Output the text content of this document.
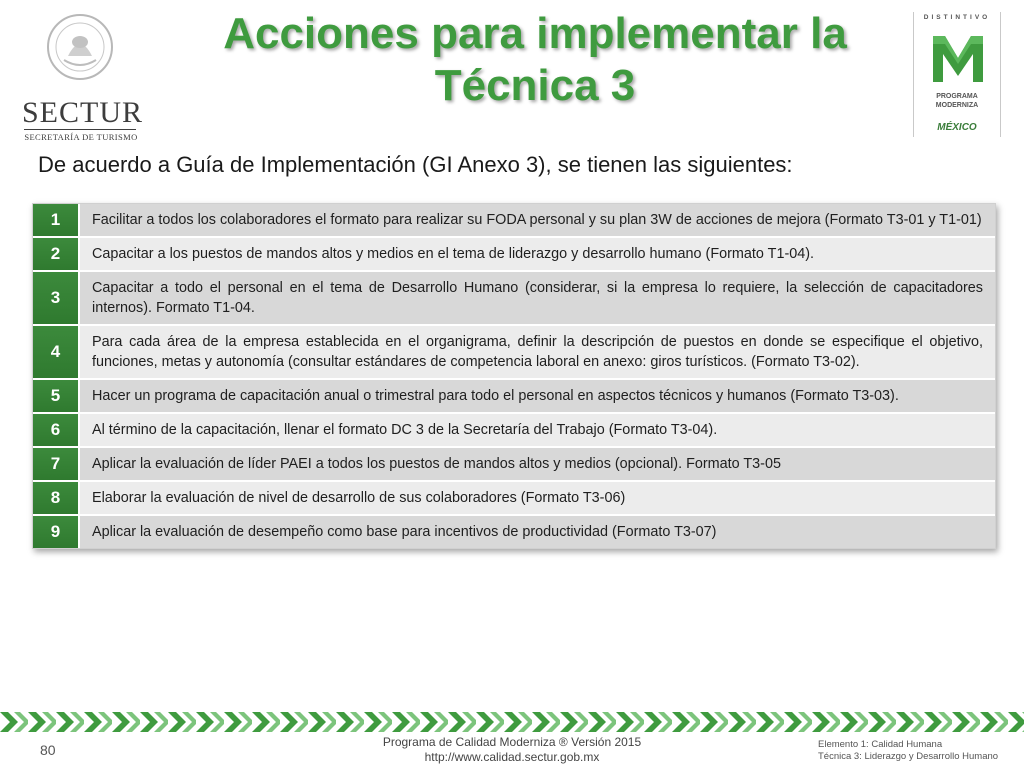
SECTUR
SECRETARÍA DE TURISMO
Acciones para implementar la
Técnica 3
DISTINTIVO
PROGRAMA
MODERNIZA
MÉXICO
De acuerdo a Guía de Implementación (GI Anexo 3), se tienen las siguientes:
1	Facilitar a todos los colaboradores el formato para realizar su FODA personal y su plan 3W de acciones de mejora (Formato T3-01 y T1-01)
2	Capacitar a los puestos de mandos altos y medios en el tema de liderazgo y desarrollo humano (Formato T1-04).
3	Capacitar a todo el personal en el tema de Desarrollo Humano (considerar, si la empresa lo requiere, la selección de capacitadores internos). Formato T1-04.
4	Para cada área de la empresa establecida en el organigrama, definir la descripción de puestos en donde se especifique el objetivo, funciones, metas y autonomía (consultar estándares de competencia laboral en anexo: giros turísticos. (Formato T3-02).
5	Hacer un programa de capacitación anual o trimestral para todo el personal en aspectos técnicos y humanos (Formato T3-03).
6	Al término de la capacitación, llenar el formato DC 3 de la Secretaría del Trabajo (Formato T3-04).
7	Aplicar la evaluación de líder PAEI a todos los puestos de mandos altos y medios (opcional). Formato T3-05
8	Elaborar la evaluación de nivel de desarrollo de sus colaboradores (Formato T3-06)
9	Aplicar la evaluación de desempeño como base para incentivos de productividad (Formato T3-07)
80	Programa de Calidad Moderniza ® Versión 2015
http://www.calidad.sectur.gob.mx
Elemento 1: Calidad Humana
Técnica 3: Liderazgo y Desarrollo Humano
